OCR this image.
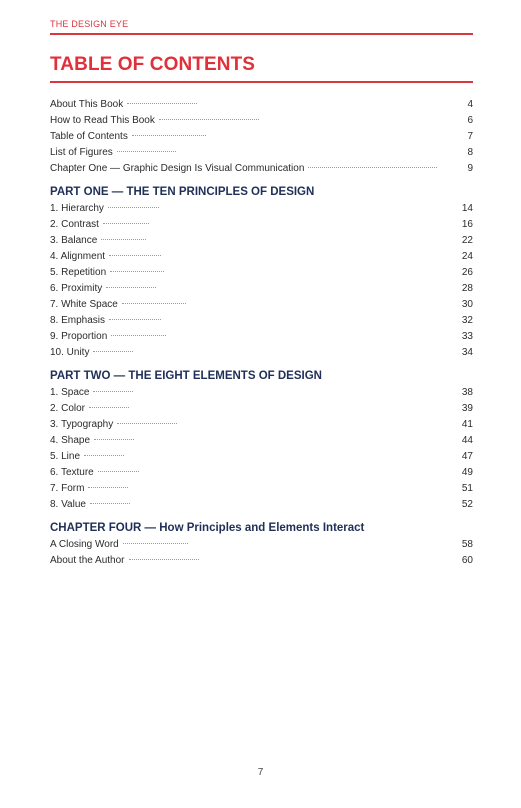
THE DESIGN EYE
TABLE OF CONTENTS
About This Book	4
How to Read This Book	6
Table of Contents	7
List of Figures	8
Chapter One — Graphic Design Is Visual Communication	9
PART ONE — THE TEN PRINCIPLES OF DESIGN
1. Hierarchy	14
2. Contrast	16
3. Balance	22
4. Alignment	24
5. Repetition	26
6. Proximity	28
7. White Space	30
8. Emphasis	32
9. Proportion	33
10. Unity	34
PART TWO — THE EIGHT ELEMENTS OF DESIGN
1. Space	38
2. Color	39
3. Typography	41
4. Shape	44
5. Line	47
6. Texture	49
7. Form	51
8. Value	52
CHAPTER FOUR — How Principles and Elements Interact
A Closing Word	58
About the Author	60
7
